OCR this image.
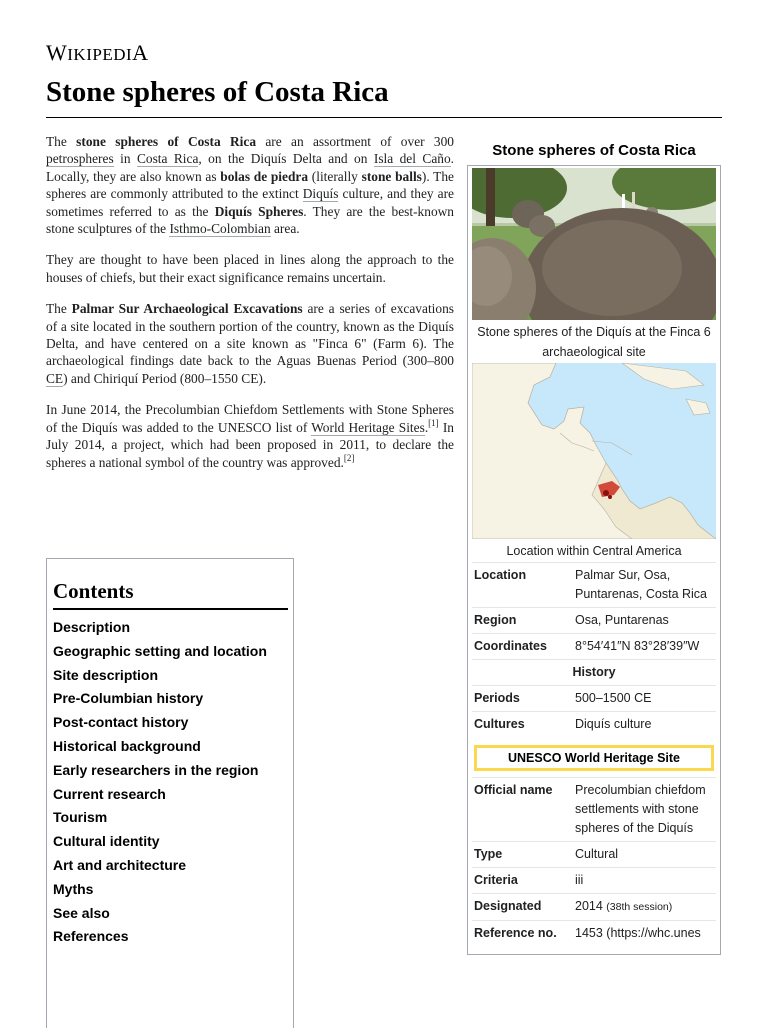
WIKIPEDIA
Stone spheres of Costa Rica

The stone spheres of Costa Rica are an assortment of over 300 petrospheres in Costa Rica, on the Diquís Delta and on Isla del Caño. Locally, they are also known as bolas de piedra (literally stone balls). The spheres are commonly attributed to the extinct Diquís culture, and they are sometimes referred to as the Diquís Spheres. They are the best-known stone sculptures of the Isthmo-Colombian area.

They are thought to have been placed in lines along the approach to the houses of chiefs, but their exact significance remains uncertain.

The Palmar Sur Archaeological Excavations are a series of excavations of a site located in the southern portion of the country, known as the Diquís Delta, and have centered on a site known as "Finca 6" (Farm 6). The archaeological findings date back to the Aguas Buenas Period (300–800 CE) and Chiriquí Period (800–1550 CE).

In June 2014, the Precolumbian Chiefdom Settlements with Stone Spheres of the Diquís was added to the UNESCO list of World Heritage Sites.[1] In July 2014, a project, which had been proposed in 2011, to declare the spheres a national symbol of the country was approved.[2]

Contents
Description
Geographic setting and location
Site description
Pre-Columbian history
Post-contact history
Historical background
Early researchers in the region
Current research
Tourism
Cultural identity
Art and architecture
Myths
See also
References
Stone spheres of Costa Rica
Stone spheres of the Diquís at the Finca 6 archaeological site
Location within Central America
Location	Palmar Sur, Osa, Puntarenas, Costa Rica
Region	Osa, Puntarenas
Coordinates	8°54′41″N 83°28′39″W
History
Periods	500–1500 CE
Cultures	Diquís culture
UNESCO World Heritage Site
Official name	Precolumbian chiefdom settlements with stone spheres of the Diquís
Type	Cultural
Criteria	iii
Designated	2014 (38th session)
Reference no.	1453 (https://whc.unes
